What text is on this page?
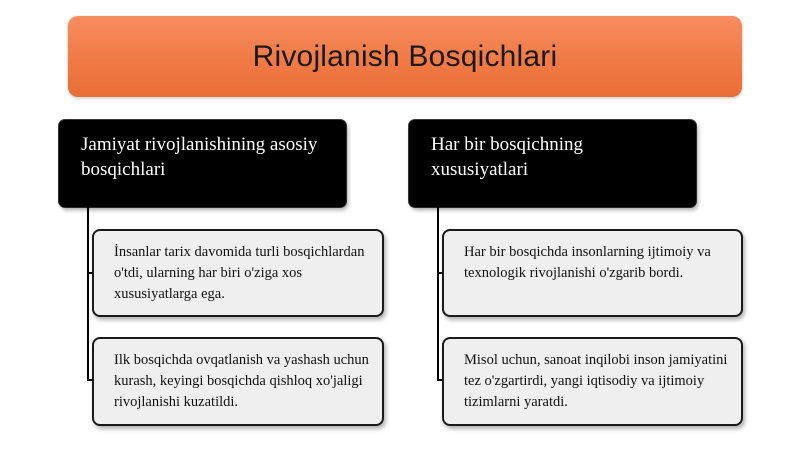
Rivojlanish Bosqichlari
Jamiyat rivojlanishining asosiy bosqichlari
İnsanlar tarix davomida turli bosqichlardan o'tdi, ularning har biri o'ziga xos xususiyatlarga ega.
Ilk bosqichda ovqatlanish va yashash uchun kurash, keyingi bosqichda qishloq xo'jaligi rivojlanishi kuzatildi.
Har bir bosqichning xususiyatlari
Har bir bosqichda insonlarning ijtimoiy va texnologik rivojlanishi o'zgarib bordi.
Misol uchun, sanoat inqilobi inson jamiyatini tez o'zgartirdi, yangi iqtisodiy va ijtimoiy tizimlarni yaratdi.
